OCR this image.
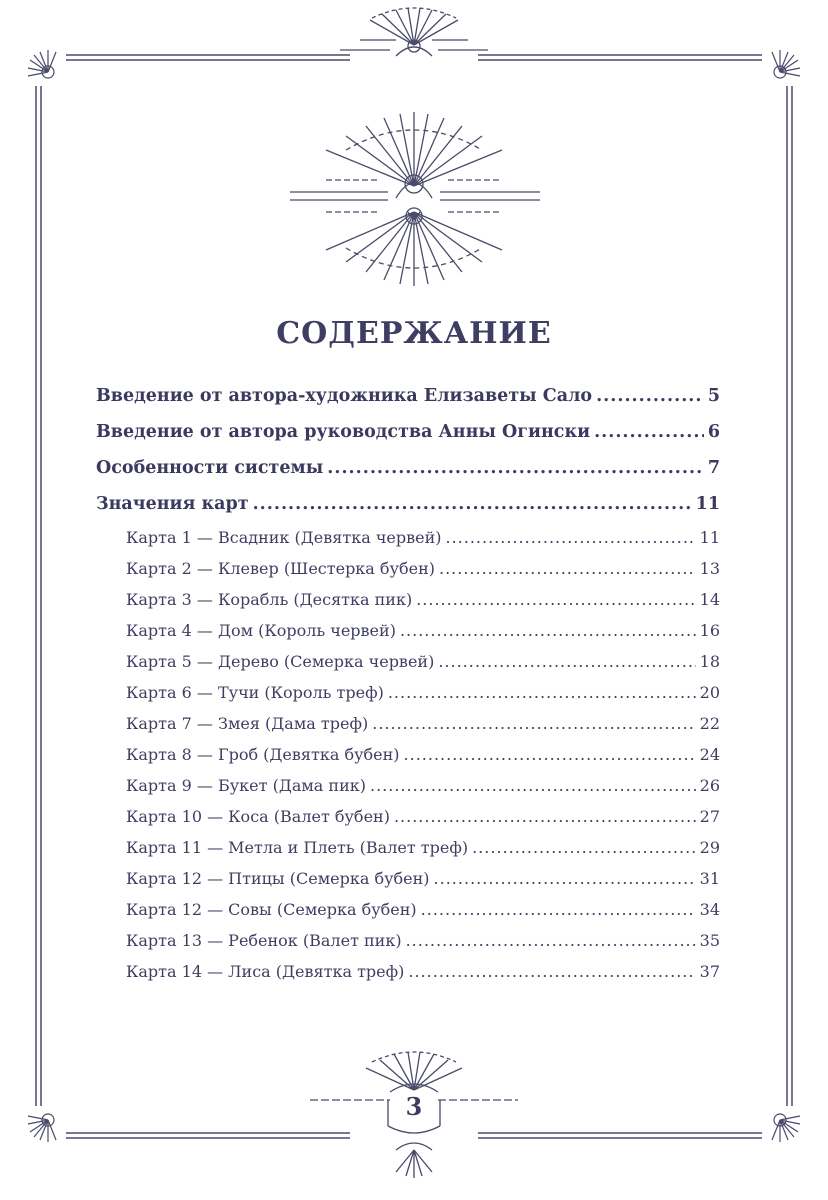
СОДЕРЖАНИЕ
Введение от автора-художника Елизаветы Сало .....	5
Введение от автора руководства Анны Огински .....	6
Особенности системы .....	7
Значения карт .....	11
Карта 1 — Всадник (Девятка червей) .....	11
Карта 2 — Клевер (Шестерка бубен) .....	13
Карта 3 — Корабль (Десятка пик) .....	14
Карта 4 — Дом (Король червей) .....	16
Карта 5 — Дерево (Семерка червей) .....	18
Карта 6 — Тучи (Король треф) .....	20
Карта 7 — Змея (Дама треф) .....	22
Карта 8 — Гроб (Девятка бубен) .....	24
Карта 9 — Букет (Дама пик) .....	26
Карта 10 — Коса (Валет бубен) .....	27
Карта 11 — Метла и Плеть (Валет треф) .....	29
Карта 12 — Птицы (Семерка бубен) .....	31
Карта 12 — Совы (Семерка бубен) .....	34
Карта 13 — Ребенок (Валет пик) .....	35
Карта 14 — Лиса (Девятка треф) .....	37
3
